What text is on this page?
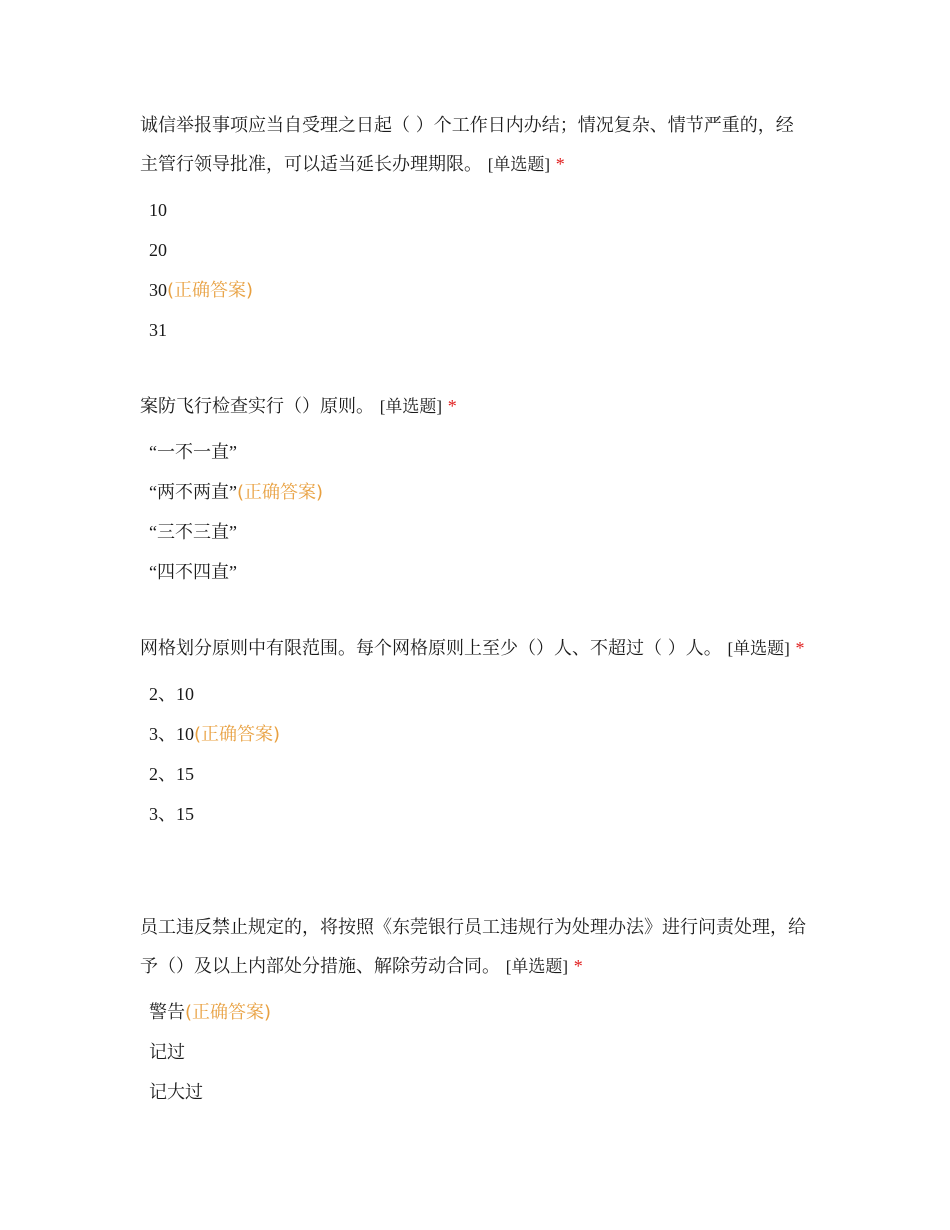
诚信举报事项应当自受理之日起（ ）个工作日内办结；情况复杂、情节严重的，经主管行领导批准，可以适当延长办理期限。 [单选题] *

10
20
30(正确答案)
31

案防飞行检查实行（）原则。 [单选题] *

“一不一直”
“两不两直”(正确答案)
“三不三直”
“四不四直”

网格划分原则中有限范围。每个网格原则上至少（）人、不超过（ ）人。 [单选题] *

2、10
3、10(正确答案)
2、15
3、15

员工违反禁止规定的，将按照《东莞银行员工违规行为处理办法》进行问责处理，给予（）及以上内部处分措施、解除劳动合同。 [单选题] *

警告(正确答案)
记过
记大过
